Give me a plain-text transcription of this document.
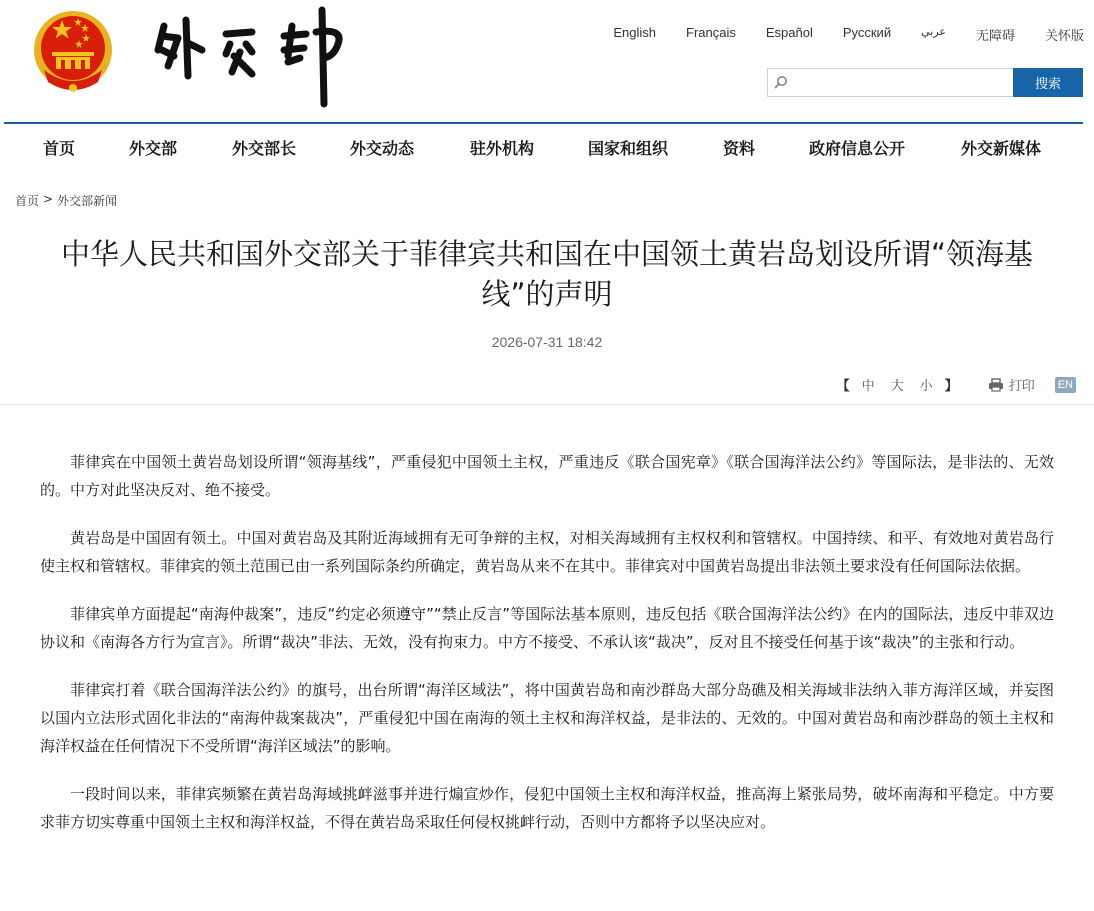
English Français Español Русский	عربي 无障碍 关怀版
搜索
首页	外交部	外交部长	外交动态	驻外机构	国家和组织	资料	政府信息公开	外交新媒体
首页 > 外交部新闻
中华人民共和国外交部关于菲律宾共和国在中国领土黄岩岛划设所谓“领海基线”的声明
2026-07-31 18:42
【 中 大 小 】	打印 EN

菲律宾在中国领土黄岩岛划设所谓“领海基线”，严重侵犯中国领土主权，严重违反《联合国宪章》《联合国海洋法公约》等国际法，是非法的、无效的。中方对此坚决反对、绝不接受。

黄岩岛是中国固有领土。中国对黄岩岛及其附近海域拥有无可争辩的主权，对相关海域拥有主权权利和管辖权。中国持续、和平、有效地对黄岩岛行使主权和管辖权。菲律宾的领土范围已由一系列国际条约所确定，黄岩岛从来不在其中。菲律宾对中国黄岩岛提出非法领土要求没有任何国际法依据。

菲律宾单方面提起“南海仲裁案”，违反“约定必须遵守”“禁止反言”等国际法基本原则，违反包括《联合国海洋法公约》在内的国际法，违反中菲双边协议和《南海各方行为宣言》。所谓“裁决”非法、无效，没有拘束力。中方不接受、不承认该“裁决”，反对且不接受任何基于该“裁决”的主张和行动。

菲律宾打着《联合国海洋法公约》的旗号，出台所谓“海洋区域法”，将中国黄岩岛和南沙群岛大部分岛礁及相关海域非法纳入菲方海洋区域，并妄图以国内立法形式固化非法的“南海仲裁案裁决”，严重侵犯中国在南海的领土主权和海洋权益，是非法的、无效的。中国对黄岩岛和南沙群岛的领土主权和海洋权益在任何情况下不受所谓“海洋区域法”的影响。

一段时间以来，菲律宾频繁在黄岩岛海域挑衅滋事并进行煽宣炒作，侵犯中国领土主权和海洋权益，推高海上紧张局势，破坏南海和平稳定。中方要求菲方切实尊重中国领土主权和海洋权益，不得在黄岩岛采取任何侵权挑衅行动，否则中方都将予以坚决应对。
